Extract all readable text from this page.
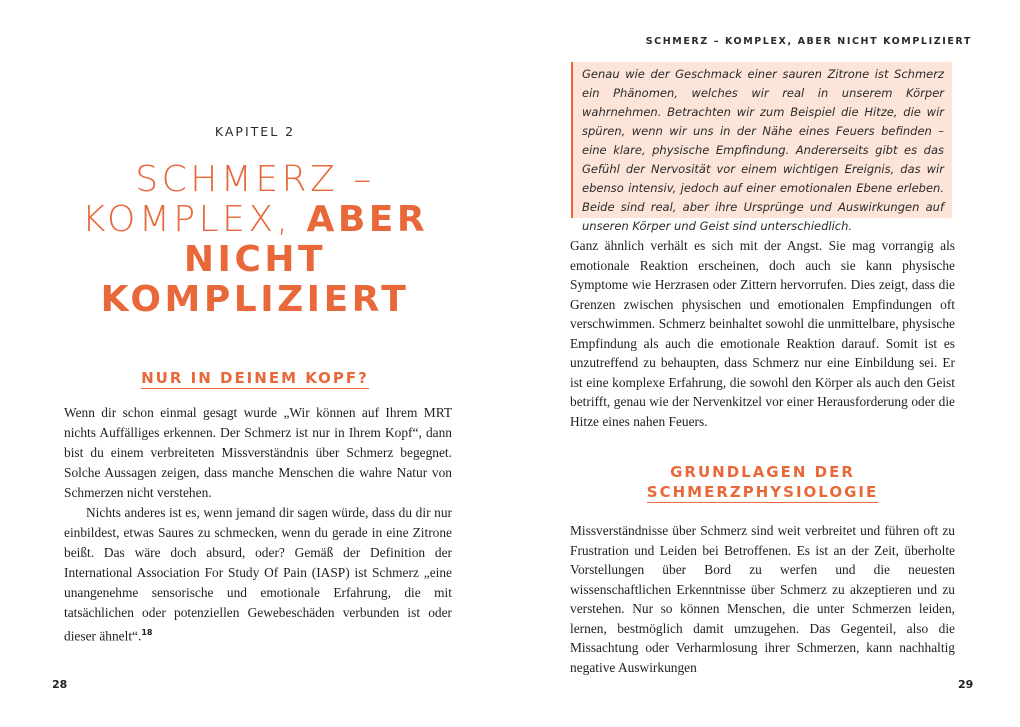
KAPITEL 2
SCHMERZ –
KOMPLEX, ABER
NICHT
KOMPLIZIERT
NUR IN DEINEM KOPF?

Wenn dir schon einmal gesagt wurde „Wir können auf Ihrem MRT nichts Auffälliges erkennen. Der Schmerz ist nur in Ihrem Kopf“, dann bist du einem verbreiteten Missverständnis über Schmerz begegnet. Solche Aussagen zeigen, dass manche Menschen die wahre Natur von Schmerzen nicht verstehen.

Nichts anderes ist es, wenn jemand dir sagen würde, dass du dir nur einbildest, etwas Saures zu schmecken, wenn du gerade in eine Zitrone beißt. Das wäre doch absurd, oder? Gemäß der Definition der International Association For Study Of Pain (IASP) ist Schmerz „eine unangenehme sensorische und emotionale Erfahrung, die mit tatsächlichen oder potenziellen Gewebeschäden verbunden ist oder dieser ähnelt“.$^{18}$

28
SCHMERZ – KOMPLEX, ABER NICHT KOMPLIZIERT

Genau wie der Geschmack einer sauren Zitrone ist Schmerz ein Phänomen, welches wir real in unserem Körper wahrnehmen. Betrachten wir zum Beispiel die Hitze, die wir spüren, wenn wir uns in der Nähe eines Feuers befinden – eine klare, physische Empfindung. Andererseits gibt es das Gefühl der Nervosität vor einem wichtigen Ereignis, das wir ebenso intensiv, jedoch auf einer emotionalen Ebene erleben. Beide sind real, aber ihre Ursprünge und Auswirkungen auf unseren Körper und Geist sind unterschiedlich.

Ganz ähnlich verhält es sich mit der Angst. Sie mag vorrangig als emotionale Reaktion erscheinen, doch auch sie kann physische Symptome wie Herzrasen oder Zittern hervorrufen. Dies zeigt, dass die Grenzen zwischen physischen und emotionalen Empfindungen oft verschwimmen. Schmerz beinhaltet sowohl die unmittelbare, physische Empfindung als auch die emotionale Reaktion darauf. Somit ist es unzutreffend zu behaupten, dass Schmerz nur eine Einbildung sei. Er ist eine komplexe Erfahrung, die sowohl den Körper als auch den Geist betrifft, genau wie der Nervenkitzel vor einer Herausforderung oder die Hitze eines nahen Feuers.

GRUNDLAGEN DER
SCHMERZPHYSIOLOGIE

Missverständnisse über Schmerz sind weit verbreitet und führen oft zu Frustration und Leiden bei Betroffenen. Es ist an der Zeit, überholte Vorstellungen über Bord zu werfen und die neuesten wissenschaftlichen Erkenntnisse über Schmerz zu akzeptieren und zu verstehen. Nur so können Menschen, die unter Schmerzen leiden, lernen, bestmöglich damit umzugehen. Das Gegenteil, also die Missachtung oder Verharmlosung ihrer Schmerzen, kann nachhaltig negative Auswirkungen

29
